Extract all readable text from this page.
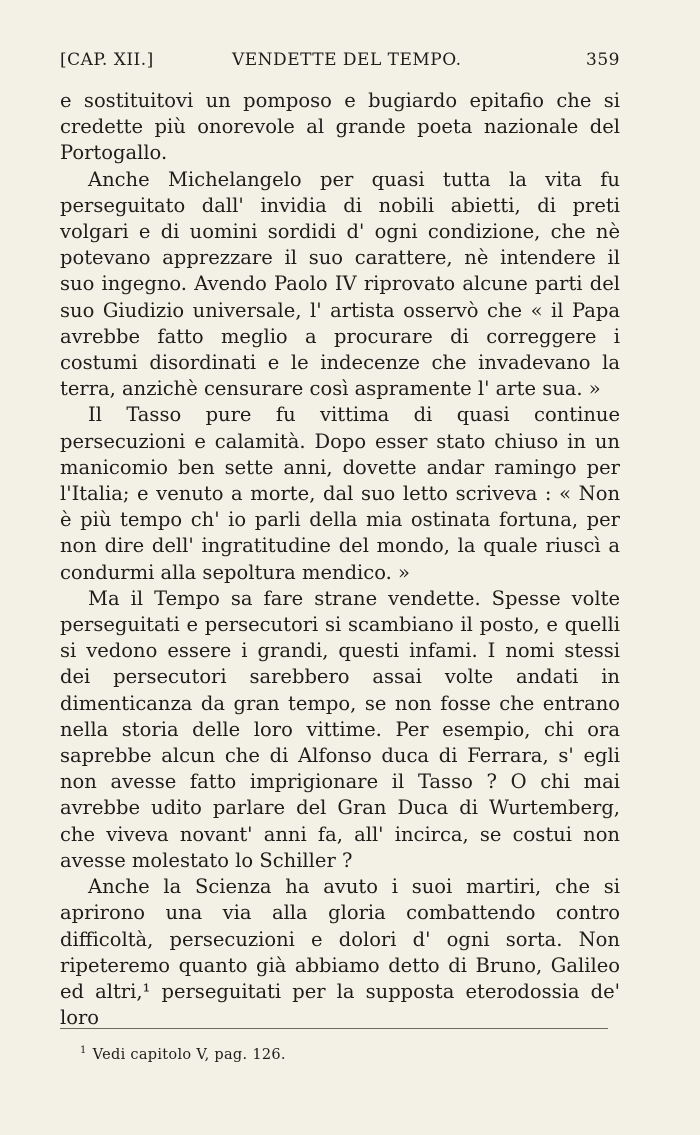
[CAP. XII.]	VENDETTE DEL TEMPO.	359

e sostituitovi un pomposo e bugiardo epitafio che si credette più onorevole al grande poeta nazionale del Portogallo.

Anche Michelangelo per quasi tutta la vita fu perseguitato dall' invidia di nobili abietti, di preti volgari e di uomini sordidi d' ogni condizione, che nè potevano apprezzare il suo carattere, nè intendere il suo ingegno. Avendo Paolo IV riprovato alcune parti del suo Giudizio universale, l' artista osservò che « il Papa avrebbe fatto meglio a procurare di correggere i costumi disordinati e le indecenze che invadevano la terra, anzichè censurare così aspramente l' arte sua. »

Il Tasso pure fu vittima di quasi continue persecuzioni e calamità. Dopo esser stato chiuso in un manicomio ben sette anni, dovette andar ramingo per l'Italia; e venuto a morte, dal suo letto scriveva : « Non è più tempo ch' io parli della mia ostinata fortuna, per non dire dell' ingratitudine del mondo, la quale riuscì a condurmi alla sepoltura mendico. »

Ma il Tempo sa fare strane vendette. Spesse volte perseguitati e persecutori si scambiano il posto, e quelli si vedono essere i grandi, questi infami. I nomi stessi dei persecutori sarebbero assai volte andati in dimenticanza da gran tempo, se non fosse che entrano nella storia delle loro vittime. Per esempio, chi ora saprebbe alcun che di Alfonso duca di Ferrara, s' egli non avesse fatto imprigionare il Tasso ? O chi mai avrebbe udito parlare del Gran Duca di Wurtemberg, che viveva novant' anni fa, all' incirca, se costui non avesse molestato lo Schiller ?

Anche la Scienza ha avuto i suoi martiri, che si aprirono una via alla gloria combattendo contro difficoltà, persecuzioni e dolori d' ogni sorta. Non ripeteremo quanto già abbiamo detto di Bruno, Galileo ed altri,¹ perseguitati per la supposta eterodossia de' loro

$^1$ Vedi capitolo V, pag. 126.
